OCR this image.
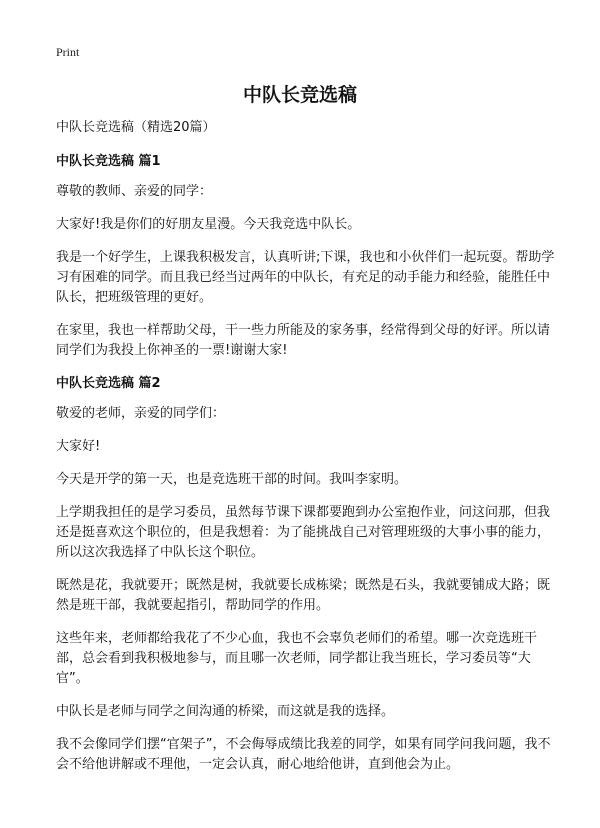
Print
中队长竞选稿

中队长竞选稿（精选20篇）

中队长竞选稿 篇1

尊敬的教师、亲爱的同学：

大家好!我是你们的好朋友星漫。今天我竞选中队长。

我是一个好学生，上课我积极发言，认真听讲;下课，我也和小伙伴们一起玩耍。帮助学习有困难的同学。而且我已经当过两年的中队长，有充足的动手能力和经验，能胜任中队长，把班级管理的更好。

在家里，我也一样帮助父母，干一些力所能及的家务事，经常得到父母的好评。所以请同学们为我投上你神圣的一票!谢谢大家!

中队长竞选稿 篇2

敬爱的老师，亲爱的同学们：

大家好!

今天是开学的第一天，也是竞选班干部的时间。我叫李家明。

上学期我担任的是学习委员，虽然每节课下课都要跑到办公室抱作业，问这问那，但我还是挺喜欢这个职位的，但是我想着：为了能挑战自己对管理班级的大事小事的能力，所以这次我选择了中队长这个职位。

既然是花，我就要开；既然是树，我就要长成栋梁；既然是石头，我就要铺成大路；既然是班干部，我就要起指引，帮助同学的作用。

这些年来，老师都给我花了不少心血，我也不会辜负老师们的希望。哪一次竞选班干部，总会看到我积极地参与，而且哪一次老师，同学都让我当班长，学习委员等“大官”。

中队长是老师与同学之间沟通的桥梁，而这就是我的选择。

我不会像同学们摆“官架子”，不会侮辱成绩比我差的同学，如果有同学问我问题，我不会不给他讲解或不理他，一定会认真，耐心地给他讲，直到他会为止。
